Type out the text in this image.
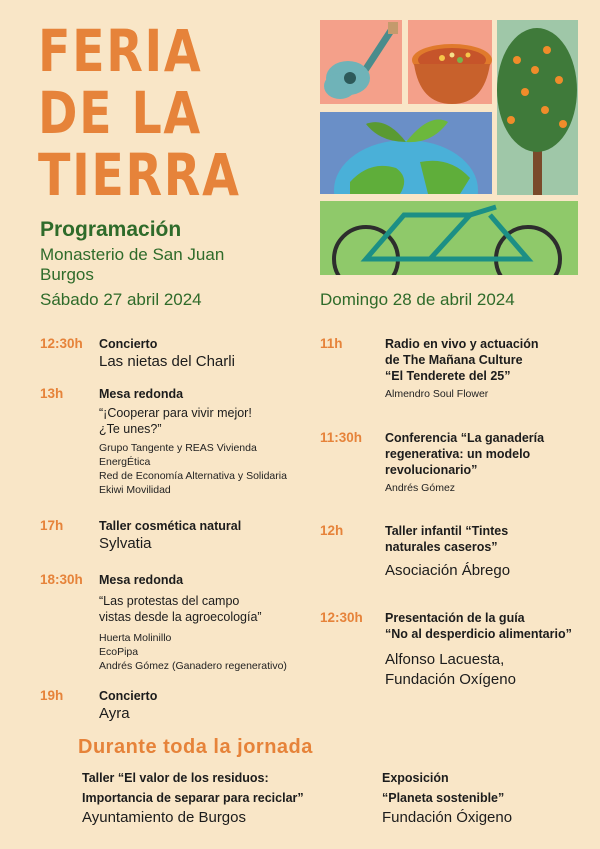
FERIA
DE LA
TIERRA
Programación
Monasterio de San Juan
Burgos
Sábado 27 abril 2024	Domingo 28 de abril 2024
12:30h Concierto
Las nietas del Charli
13h	Mesa redonda
“¡Cooperar para vivir mejor!
¿Te unes?”
Grupo Tangente y REAS Vivienda
EnergÉtica
Red de Economía Alternativa y Solidaria
Ekiwi Movilidad
17h	Taller cosmética natural
Sylvatia
18:30h Mesa redonda
“Las protestas del campo
vistas desde la agroecología”
Huerta Molinillo
EcoPipa
Andrés Gómez (Ganadero regenerativo)
19h	Concierto
Ayra
11h	Radio en vivo y actuación
de The Mañana Culture
“El Tenderete del 25”
Almendro Soul Flower
11:30h Conferencia “La ganadería
regenerativa: un modelo
revolucionario”
Andrés Gómez
12h	Taller infantil “Tintes
naturales caseros”
Asociación Ábrego
12:30h Presentación de la guía
“No al desperdicio alimentario”
Alfonso Lacuesta,
Fundación Oxígeno
Durante toda la jornada
Taller “El valor de los residuos:
Importancia de separar para reciclar”
Ayuntamiento de Burgos
Exposición
“Planeta sostenible”
Fundación Óxigeno
